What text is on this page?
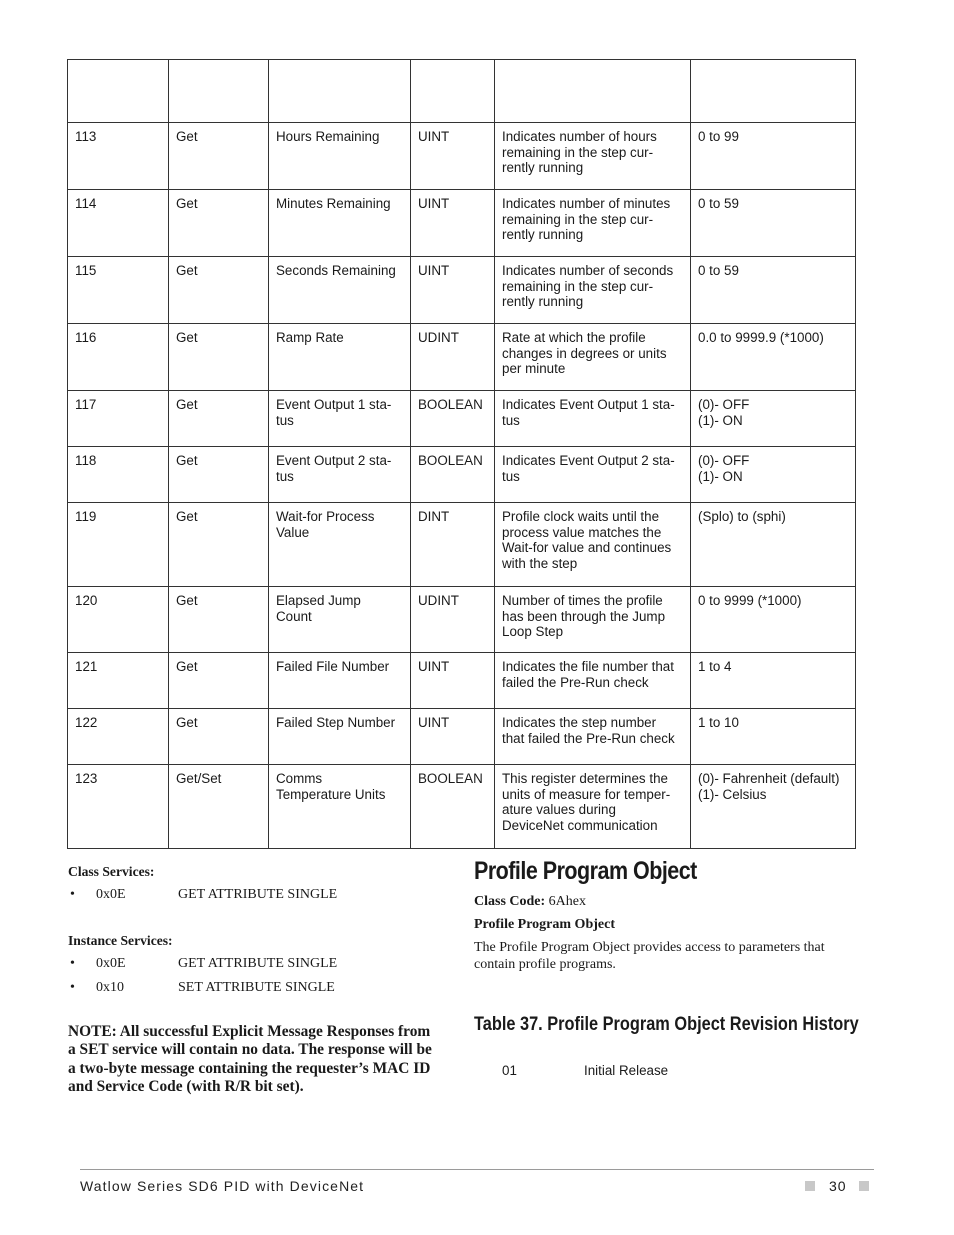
113	Get	Hours Remaining	UINT	Indicates number of hours
remaining in the step cur-
rently running	0 to 99

114	Get	Minutes Remaining	UINT	Indicates number of minutes
remaining in the step cur-
rently running	0 to 59

115	Get	Seconds Remaining	UINT	Indicates number of seconds
remaining in the step cur-
rently running	0 to 59

116	Get	Ramp Rate	UDINT	Rate at which the profile
changes in degrees or units
per minute	0.0 to 9999.9 (*1000)

117	Get	Event Output 1 sta-
tus	BOOLEAN	Indicates Event Output 1 sta-
tus	(0)- OFF
(1)- ON

118	Get	Event Output 2 sta-
tus	BOOLEAN	Indicates Event Output 2 sta-
tus	(0)- OFF
(1)- ON

119	Get	Wait-for Process
Value	DINT	Profile clock waits until the
process value matches the
Wait-for value and continues
with the step	(Splo) to (sphi)

120	Get	Elapsed Jump
Count	UDINT	Number of times the profile
has been through the Jump
Loop Step	0 to 9999 (*1000)

121	Get	Failed File Number	UINT	Indicates the file number that
failed the Pre-Run check	1 to 4

122	Get	Failed Step Number	UINT	Indicates the step number
that failed the Pre-Run check	1 to 10

123	Get/Set	Comms
Temperature Units	BOOLEAN	This register determines the
units of measure for temper-
ature values during
DeviceNet communication	(0)- Fahrenheit (default)
(1)- Celsius
Class Services:
• 0x0E	GET ATTRIBUTE SINGLE
Instance Services:
• 0x0E	GET ATTRIBUTE SINGLE
• 0x10	SET ATTRIBUTE SINGLE

NOTE: All successful Explicit Message Responses from a SET service will contain no data. The response will be a two-byte message containing the requester’s MAC ID and Service Code (with R/R bit set).

Profile Program Object
Class Code: 6Ahex
Profile Program Object

The Profile Program Object provides access to parameters that contain profile programs.

Table 37. Profile Program Object Revision History
01	Initial Release
Watlow Series SD6 PID with DeviceNet	30
